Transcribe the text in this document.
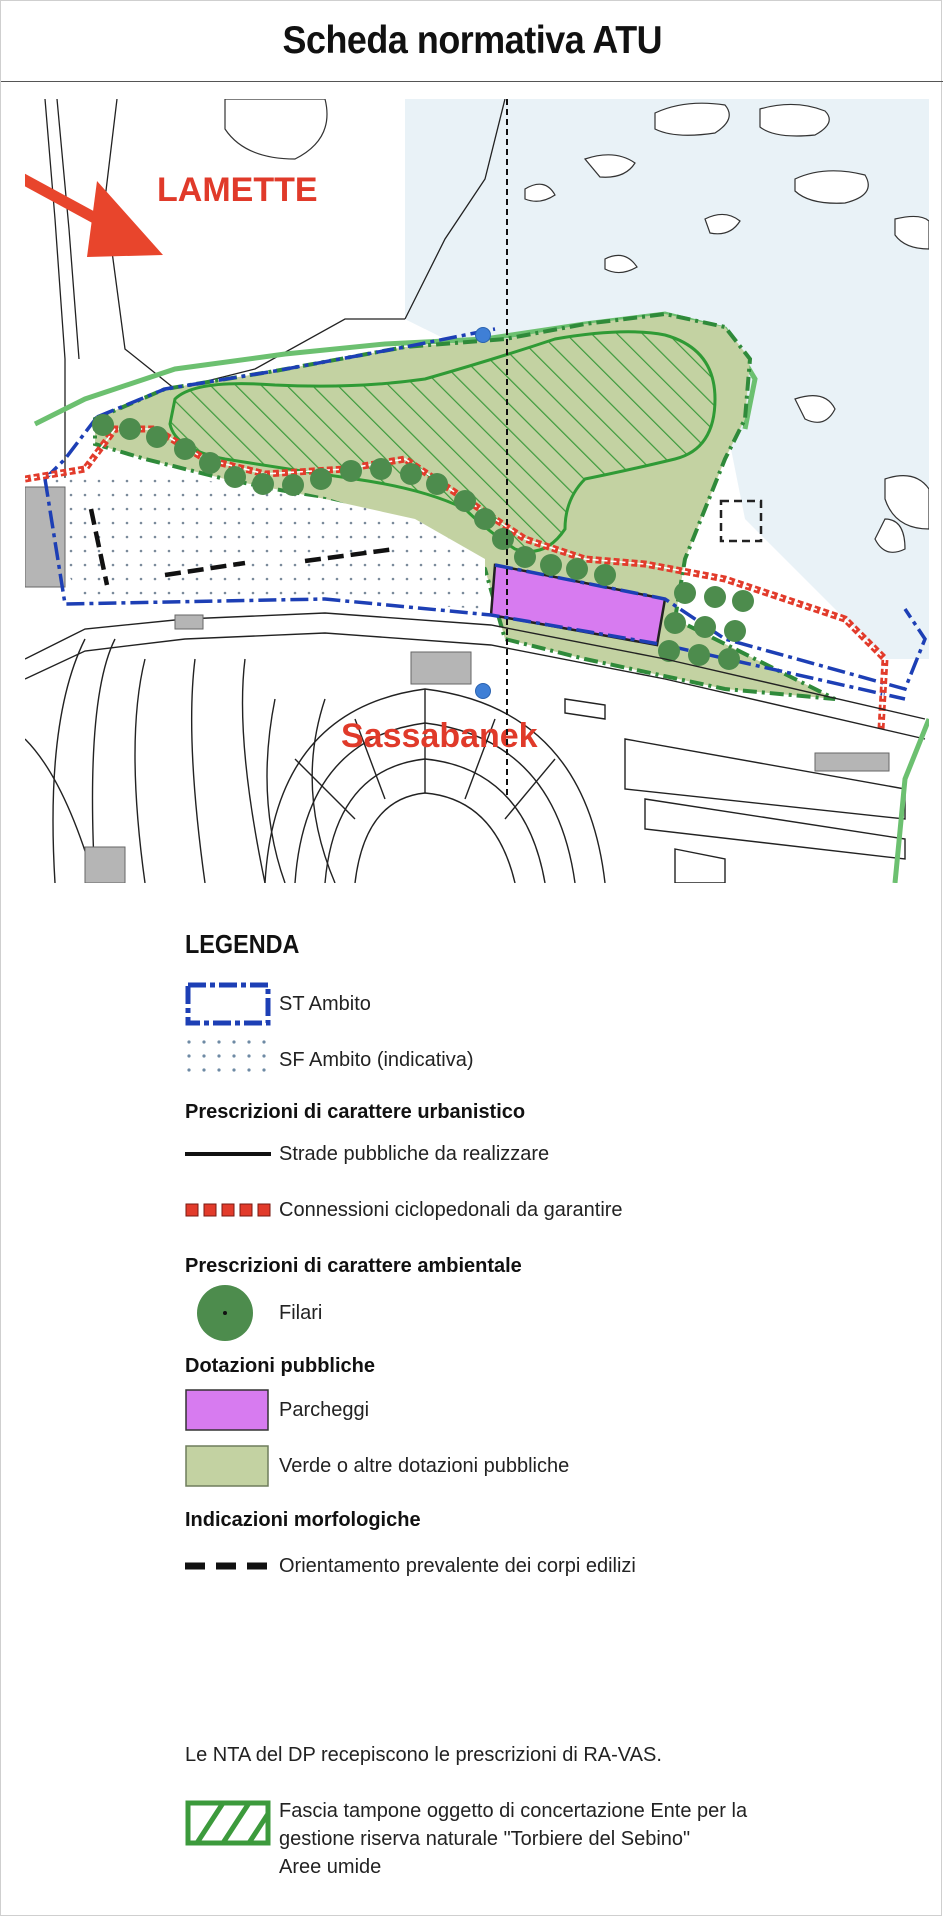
Scheda normativa ATU
LAMETTE
Sassabanek
LEGENDA
ST Ambito
SF Ambito (indicativa)
Prescrizioni di carattere urbanistico
Strade pubbliche da realizzare
Connessioni ciclopedonali da garantire
Prescrizioni di carattere ambientale
Filari
Dotazioni pubbliche
Parcheggi
Verde o altre dotazioni pubbliche
Indicazioni morfologiche
Orientamento prevalente dei corpi edilizi
Le NTA del DP recepiscono le prescrizioni di RA-VAS.
Fascia tampone oggetto di concertazione Ente per la
gestione riserva naturale "Torbiere del Sebino"
Aree umide
